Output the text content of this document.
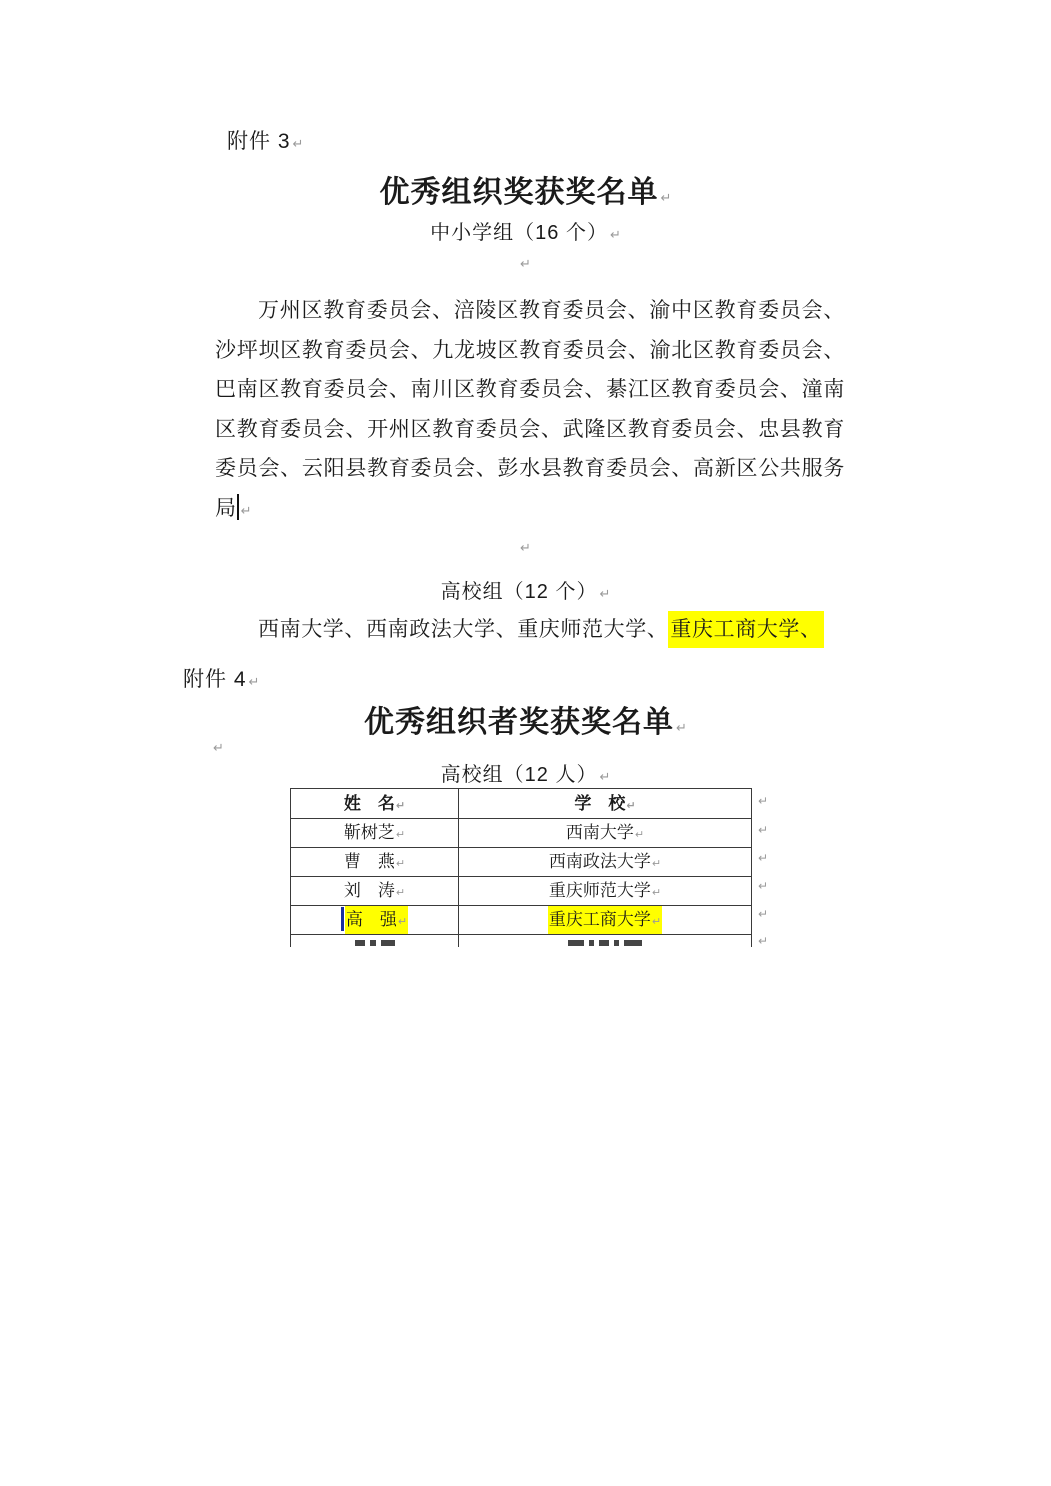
附件 3 ↵
优秀组织奖获奖名单 ↵
中小学组（16 个） ↵
↵
万州区教育委员会、涪陵区教育委员会、渝中区教育委员会、沙坪坝区教育委员会、九龙坡区教育委员会、渝北区教育委员会、巴南区教育委员会、南川区教育委员会、綦江区教育委员会、潼南区教育委员会、开州区教育委员会、武隆区教育委员会、忠县教育委员会、云阳县教育委员会、彭水县教育委员会、高新区公共服务局 ↵
↵
高校组（12 个） ↵
西南大学、西南政法大学、重庆师范大学、重庆工商大学、
附件 4 ↵
优秀组织者奖获奖名单 ↵
↵
高校组（12 人） ↵
姓　名↵	学　校↵
靳树芝↵	西南大学↵
曹　燕↵	西南政法大学↵
刘　涛↵	重庆师范大学↵
高　强↵	重庆工商大学↵
↵
↵
↵
↵
↵
↵
